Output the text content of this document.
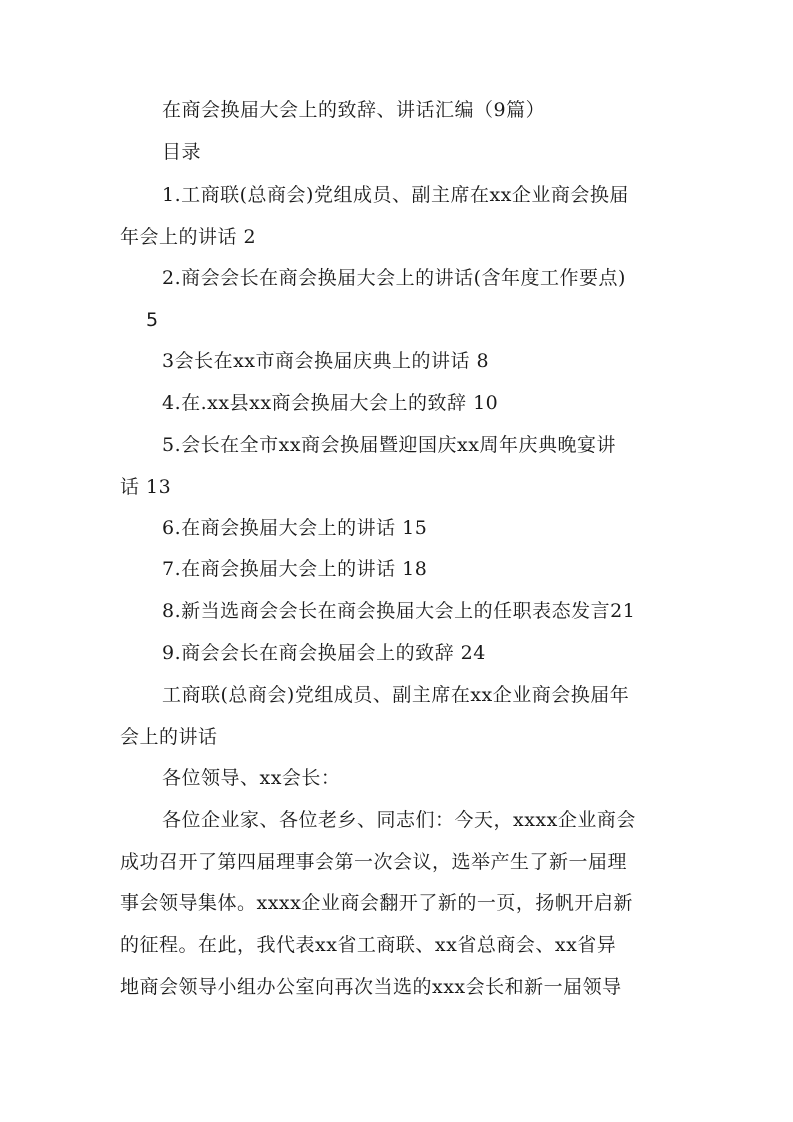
在商会换届大会上的致辞、讲话汇编（9篇）
目录
1.工商联(总商会)党组成员、副主席在xx企业商会换届
年会上的讲话 2
2.商会会长在商会换届大会上的讲话(含年度工作要点)
5
3会长在xx市商会换届庆典上的讲话 8
4.在.xx县xx商会换届大会上的致辞 10
5.会长在全市xx商会换届暨迎国庆xx周年庆典晚宴讲
话 13
6.在商会换届大会上的讲话 15
7.在商会换届大会上的讲话 18
8.新当选商会会长在商会换届大会上的任职表态发言21
9.商会会长在商会换届会上的致辞 24
工商联(总商会)党组成员、副主席在xx企业商会换届年
会上的讲话
各位领导、xx会长：
各位企业家、各位老乡、同志们：今天，xxxx企业商会
成功召开了第四届理事会第一次会议，选举产生了新一届理
事会领导集体。xxxx企业商会翻开了新的一页，扬帆开启新
的征程。在此，我代表xx省工商联、xx省总商会、xx省异
地商会领导小组办公室向再次当选的xxx会长和新一届领导
